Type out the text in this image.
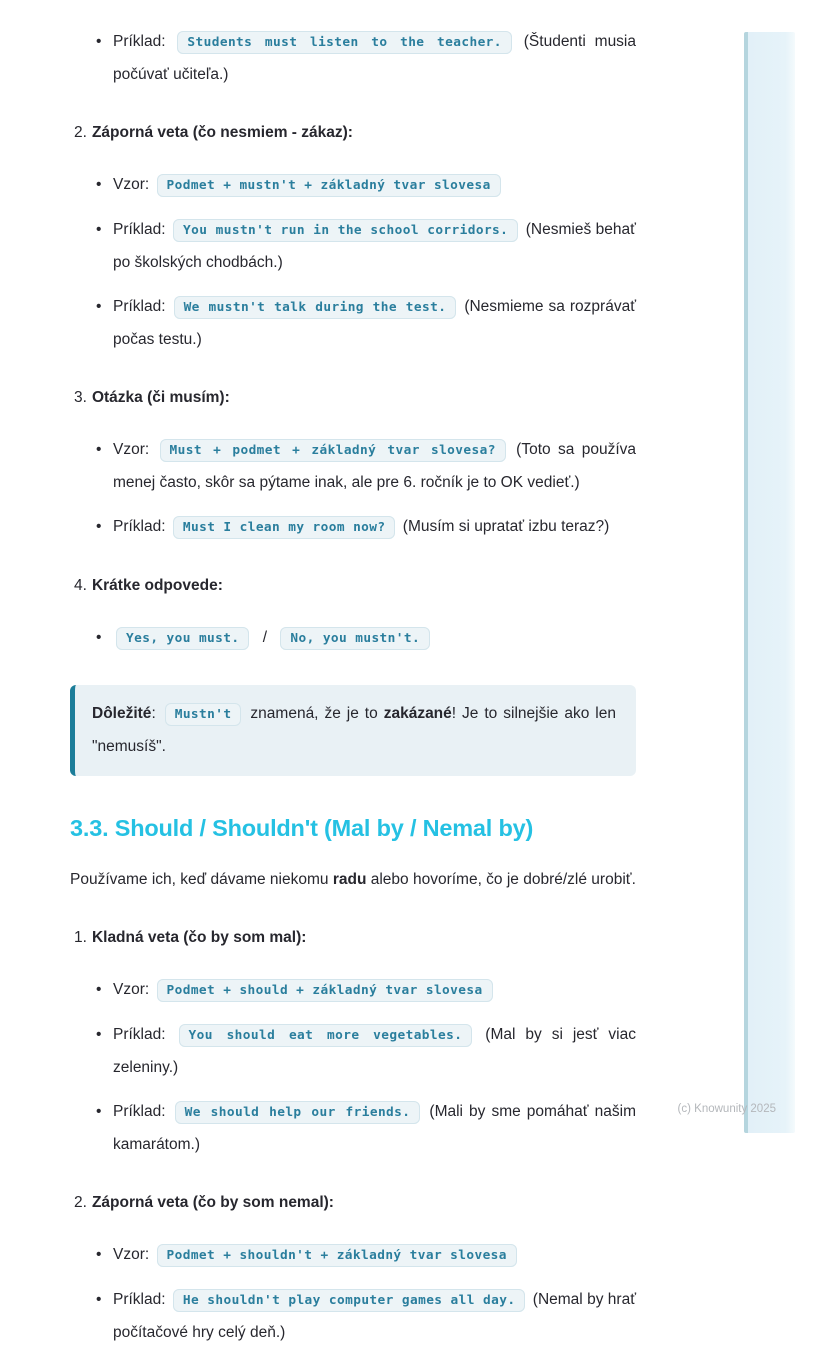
• Príklad: Students must listen to the teacher. (Študenti musia počúvať učiteľa.)
2. Záporná veta (čo nesmiem - zákaz):
• Vzor: Podmet + mustn't + základný tvar slovesa
• Príklad: You mustn't run in the school corridors. (Nesmieš behať po školských chodbách.)
• Príklad: We mustn't talk during the test. (Nesmieme sa rozprávať počas testu.)
3. Otázka (či musím):
• Vzor: Must + podmet + základný tvar slovesa? (Toto sa používa menej často, skôr sa pýtame inak, ale pre 6. ročník je to OK vedieť.)
• Príklad: Must I clean my room now? (Musím si upratať izbu teraz?)
4. Krátke odpovede:
• Yes, you must. / No, you mustn't.
Dôležité: Mustn't znamená, že je to zakázané! Je to silnejšie ako len "nemusíš".
3.3. Should / Shouldn't (Mal by / Nemal by)
Používame ich, keď dávame niekomu radu alebo hovoríme, čo je dobré/zlé urobiť.
1. Kladná veta (čo by som mal):
• Vzor: Podmet + should + základný tvar slovesa
• Príklad: You should eat more vegetables. (Mal by si jesť viac zeleniny.)
• Príklad: We should help our friends. (Mali by sme pomáhať našim kamarátom.)
2. Záporná veta (čo by som nemal):
• Vzor: Podmet + shouldn't + základný tvar slovesa
• Príklad: He shouldn't play computer games all day. (Nemal by hrať počítačové hry celý deň.)
(c) Knowunity 2025
